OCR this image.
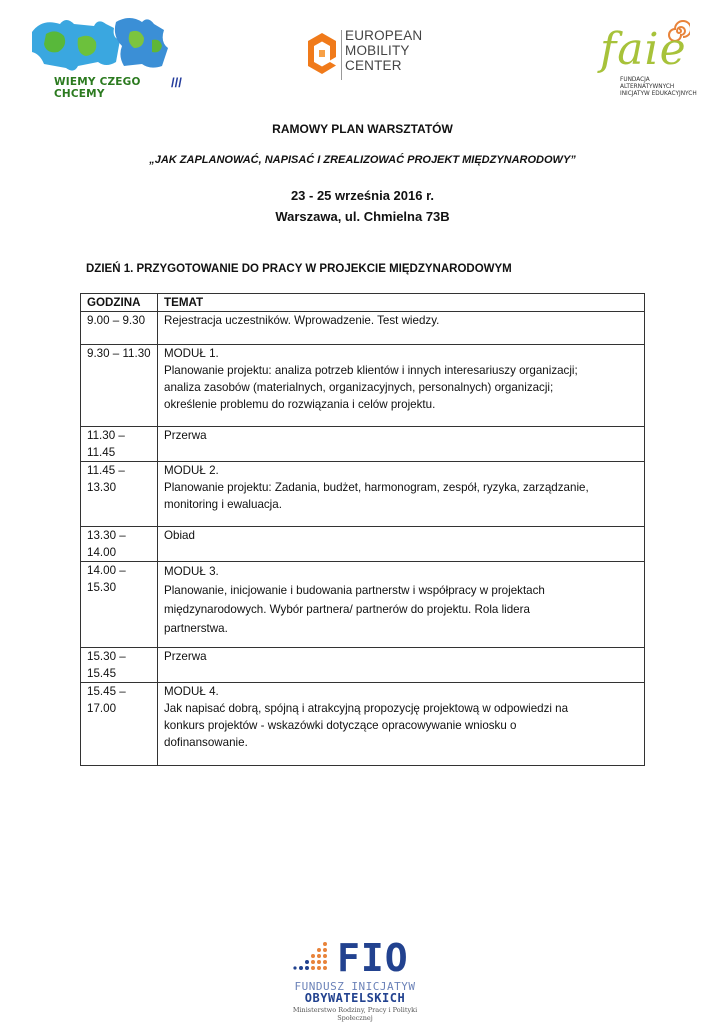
WIEMY CZEGO CHCEMY
///
EUROPEAN
MOBILITY
CENTER	faie
FUNDACJA ALTERNATYWNYCH
INICJATYW EDUKACYJNYCH
RAMOWY PLAN WARSZTATÓW
„JAK ZAPLANOWAĆ, NAPISAĆ I ZREALIZOWAĆ PROJEKT MIĘDZYNARODOWY”
23 - 25 września 2016 r.
Warszawa, ul. Chmielna 73B
DZIEŃ 1. PRZYGOTOWANIE DO PRACY W PROJEKCIE MIĘDZYNARODOWYM
GODZINA	TEMAT
9.00 – 9.30	Rejestracja uczestników. Wprowadzenie. Test wiedzy.
9.30 – 11.30	MODUŁ 1.
Planowanie projektu: analiza potrzeb klientów i innych interesariuszy organizacji;
analiza zasobów (materialnych, organizacyjnych, personalnych) organizacji;
określenie problemu do rozwiązania i celów projektu.
11.30 – 11.45	Przerwa
11.45 – 13.30	MODUŁ 2.
Planowanie projektu: Zadania, budżet, harmonogram, zespół, ryzyka, zarządzanie,
monitoring i ewaluacja.
13.30 – 14.00	Obiad
14.00 – 15.30	MODUŁ 3.
Planowanie, inicjowanie i budowania partnerstw i współpracy w projektach
międzynarodowych. Wybór partnera/ partnerów do projektu. Rola lidera
partnerstwa.
15.30 – 15.45	Przerwa
15.45 – 17.00	MODUŁ 4.
Jak napisać dobrą, spójną i atrakcyjną propozycję projektową w odpowiedzi na
konkurs projektów - wskazówki dotyczące opracowywanie wniosku o
dofinansowanie.
FIO
FUNDUSZ INICJATYW
OBYWATELSKICH
Ministerstwo Rodziny, Pracy i Polityki Społecznej
